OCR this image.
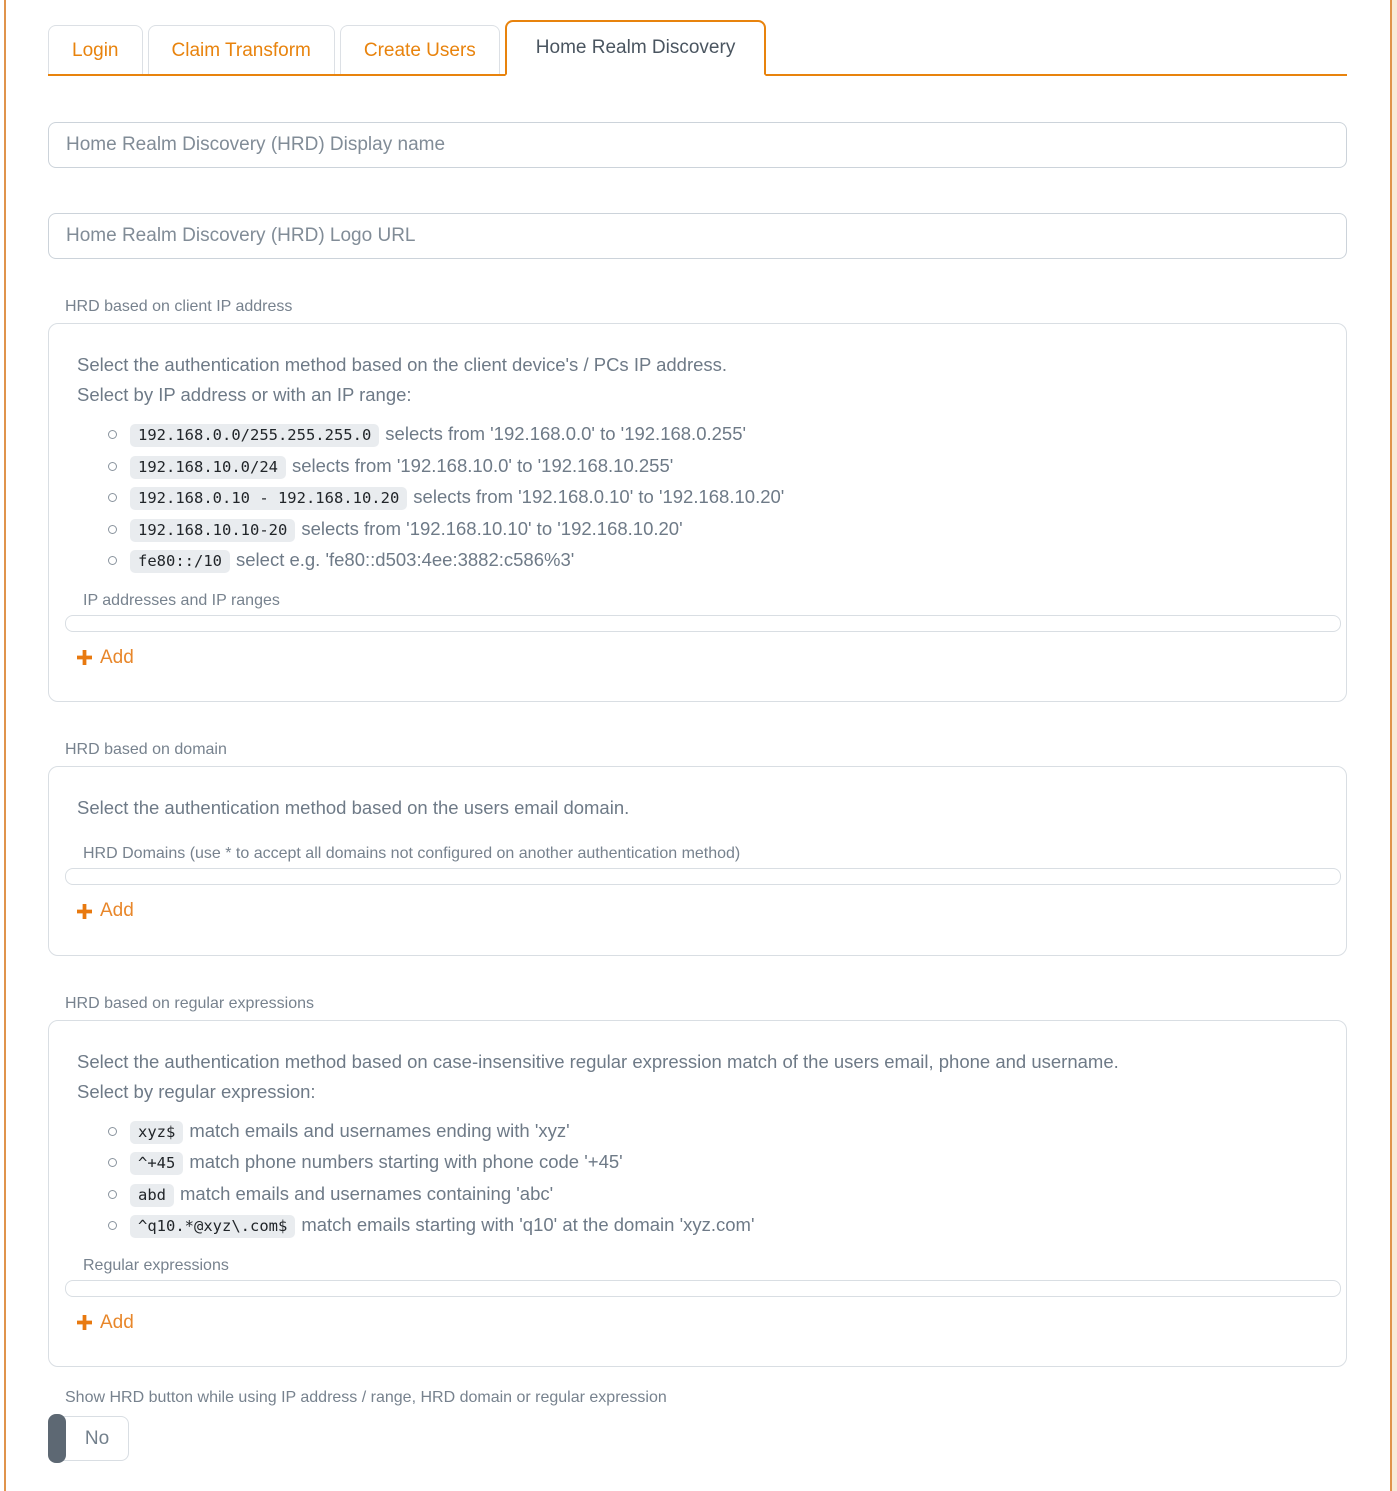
Login	Claim Transform	Create Users	Home Realm Discovery
Home Realm Discovery (HRD) Display name
Home Realm Discovery (HRD) Logo URL
HRD based on client IP address
Select the authentication method based on the client device's / PCs IP address.
Select by IP address or with an IP range:
192.168.0.0/255.255.255.0 selects from '192.168.0.0' to '192.168.0.255'
192.168.10.0/24 selects from '192.168.10.0' to '192.168.10.255'
192.168.0.10 - 192.168.10.20 selects from '192.168.0.10' to '192.168.10.20'
192.168.10.10-20 selects from '192.168.10.10' to '192.168.10.20'
fe80::/10 select e.g. 'fe80::d503:4ee:3882:c586%3'
IP addresses and IP ranges
Add
HRD based on domain
Select the authentication method based on the users email domain.
HRD Domains (use * to accept all domains not configured on another authentication method)
Add
HRD based on regular expressions
Select the authentication method based on case-insensitive regular expression match of the users email, phone and username.
Select by regular expression:
xyz$ match emails and usernames ending with 'xyz'
^+45 match phone numbers starting with phone code '+45'
abd match emails and usernames containing 'abc'
^q10.*@xyz\.com$ match emails starting with 'q10' at the domain 'xyz.com'
Regular expressions
Add
Show HRD button while using IP address / range, HRD domain or regular expression
No
